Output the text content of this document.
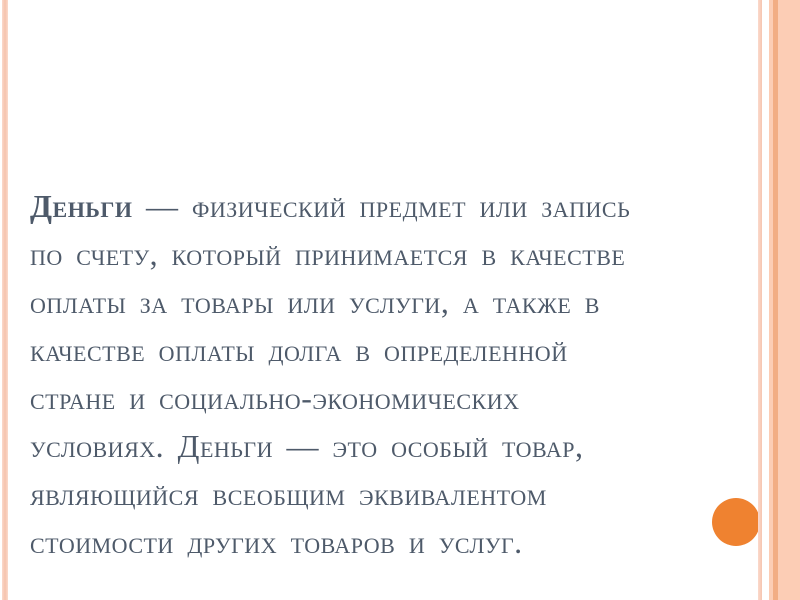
Деньги — физический предмет или запись
по счету, который принимается в качестве
оплаты за товары или услуги, а также в
качестве оплаты долга в определенной
стране и социально-экономических
условиях. Деньги — это особый товар,
являющийся всеобщим эквивалентом
стоимости других товаров и услуг.
